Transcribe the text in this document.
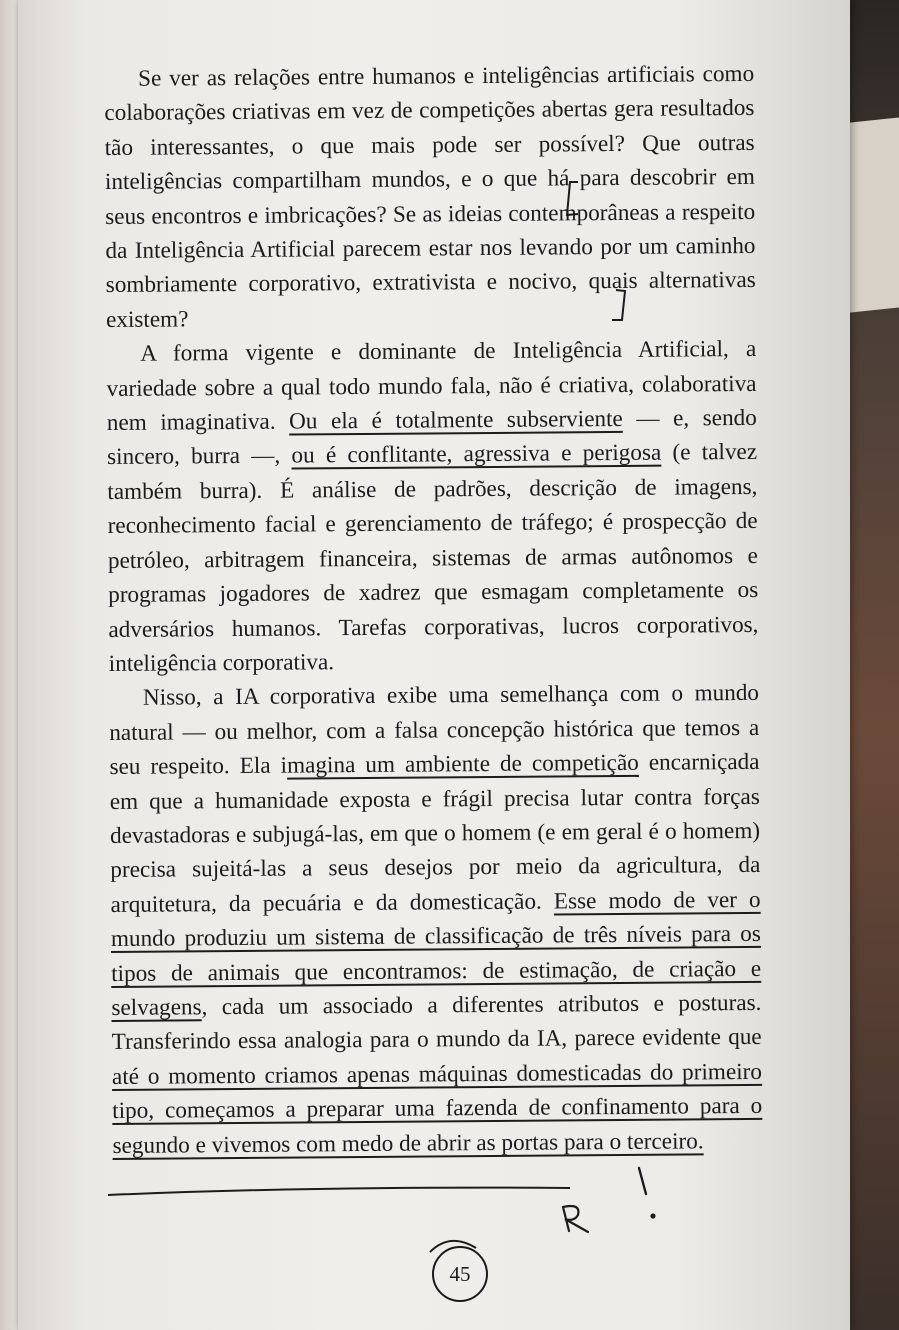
Se ver as relações entre humanos e inteligências artificiais como colaborações criativas em vez de competições abertas gera resultados tão interessantes, o que mais pode ser possível? Que outras inteligências compartilham mundos, e o que há para descobrir em seus encontros e imbricações? Se as ideias contemporâneas a respeito da Inteligência Artificial parecem estar nos levando por um caminho sombriamente corporativo, extrativista e nocivo, quais alternativas existem?

A forma vigente e dominante de Inteligência Artificial, a variedade sobre a qual todo mundo fala, não é criativa, colaborativa nem imaginativa. Ou ela é totalmente subserviente — e, sendo sincero, burra —, ou é conflitante, agressiva e perigosa (e talvez também burra). É análise de padrões, descrição de imagens, reconhecimento facial e gerenciamento de tráfego; é prospecção de petróleo, arbitragem financeira, sistemas de armas autônomos e programas jogadores de xadrez que esmagam completamente os adversários humanos. Tarefas corporativas, lucros corporativos, inteligência corporativa.

Nisso, a IA corporativa exibe uma semelhança com o mundo natural — ou melhor, com a falsa concepção histórica que temos a seu respeito. Ela imagina um ambiente de competição encarniçada em que a humanidade exposta e frágil precisa lutar contra forças devastadoras e subjugá-las, em que o homem (e em geral é o homem) precisa sujeitá-las a seus desejos por meio da agricultura, da arquitetura, da pecuária e da domesticação. Esse modo de ver o mundo produziu um sistema de classificação de três níveis para os tipos de animais que encontramos: de estimação, de criação e selvagens, cada um associado a diferentes atributos e posturas. Transferindo essa analogia para o mundo da IA, parece evidente que até o momento criamos apenas máquinas domesticadas do primeiro tipo, começamos a preparar uma fazenda de confinamento para o segundo e vivemos com medo de abrir as portas para o terceiro.

45
